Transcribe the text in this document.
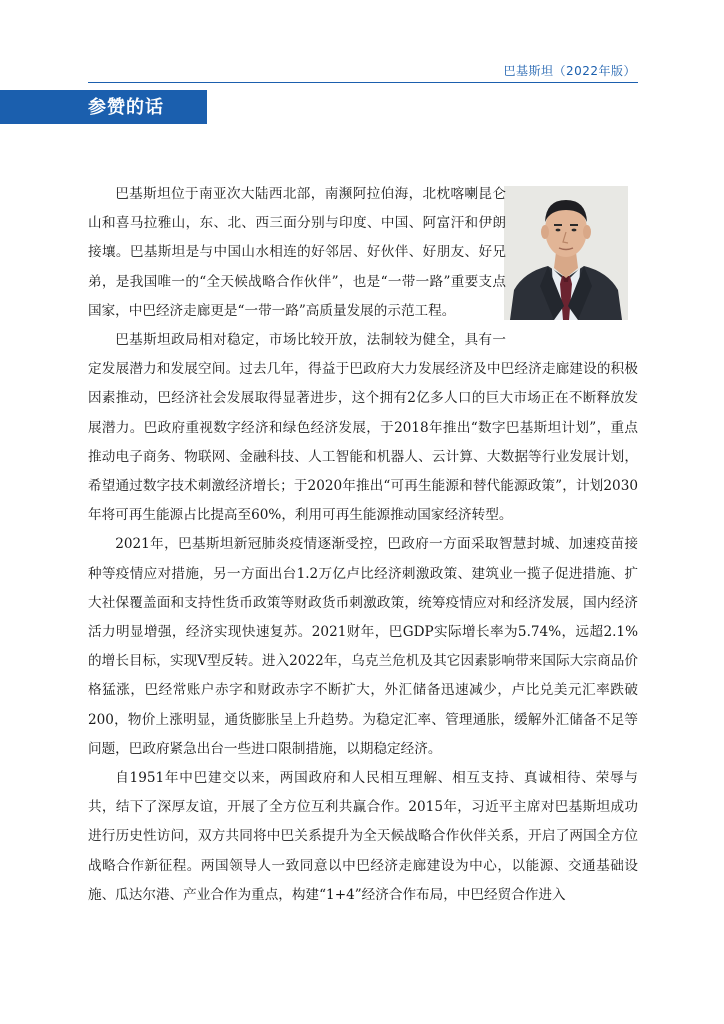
巴基斯坦（2022年版）
参赞的话

巴基斯坦位于南亚次大陆西北部，南濒阿拉伯海，北枕喀喇昆仑山和喜马拉雅山，东、北、西三面分别与印度、中国、阿富汗和伊朗接壤。巴基斯坦是与中国山水相连的好邻居、好伙伴、好朋友、好兄弟，是我国唯一的“全天候战略合作伙伴”，也是“一带一路”重要支点国家，中巴经济走廊更是“一带一路”高质量发展的示范工程。

巴基斯坦政局相对稳定，市场比较开放，法制较为健全，具有一定发展潜力和发展空间。过去几年，得益于巴政府大力发展经济及中巴经济走廊建设的积极因素推动，巴经济社会发展取得显著进步，这个拥有2亿多人口的巨大市场正在不断释放发展潜力。巴政府重视数字经济和绿色经济发展，于2018年推出“数字巴基斯坦计划”，重点推动电子商务、物联网、金融科技、人工智能和机器人、云计算、大数据等行业发展计划，希望通过数字技术刺激经济增长；于2020年推出“可再生能源和替代能源政策”，计划2030年将可再生能源占比提高至60%，利用可再生能源推动国家经济转型。

2021年，巴基斯坦新冠肺炎疫情逐渐受控，巴政府一方面采取智慧封城、加速疫苗接种等疫情应对措施，另一方面出台1.2万亿卢比经济刺激政策、建筑业一揽子促进措施、扩大社保覆盖面和支持性货币政策等财政货币刺激政策，统筹疫情应对和经济发展，国内经济活力明显增强，经济实现快速复苏。2021财年，巴GDP实际增长率为5.74%，远超2.1%的增长目标，实现V型反转。进入2022年，乌克兰危机及其它因素影响带来国际大宗商品价格猛涨，巴经常账户赤字和财政赤字不断扩大，外汇储备迅速减少，卢比兑美元汇率跌破200，物价上涨明显，通货膨胀呈上升趋势。为稳定汇率、管理通胀，缓解外汇储备不足等问题，巴政府紧急出台一些进口限制措施，以期稳定经济。

自1951年中巴建交以来，两国政府和人民相互理解、相互支持、真诚相待、荣辱与共，结下了深厚友谊，开展了全方位互利共赢合作。2015年，习近平主席对巴基斯坦成功进行历史性访问，双方共同将中巴关系提升为全天候战略合作伙伴关系，开启了两国全方位战略合作新征程。两国领导人一致同意以中巴经济走廊建设为中心，以能源、交通基础设施、瓜达尔港、产业合作为重点，构建“1+4”经济合作布局，中巴经贸合作进入
